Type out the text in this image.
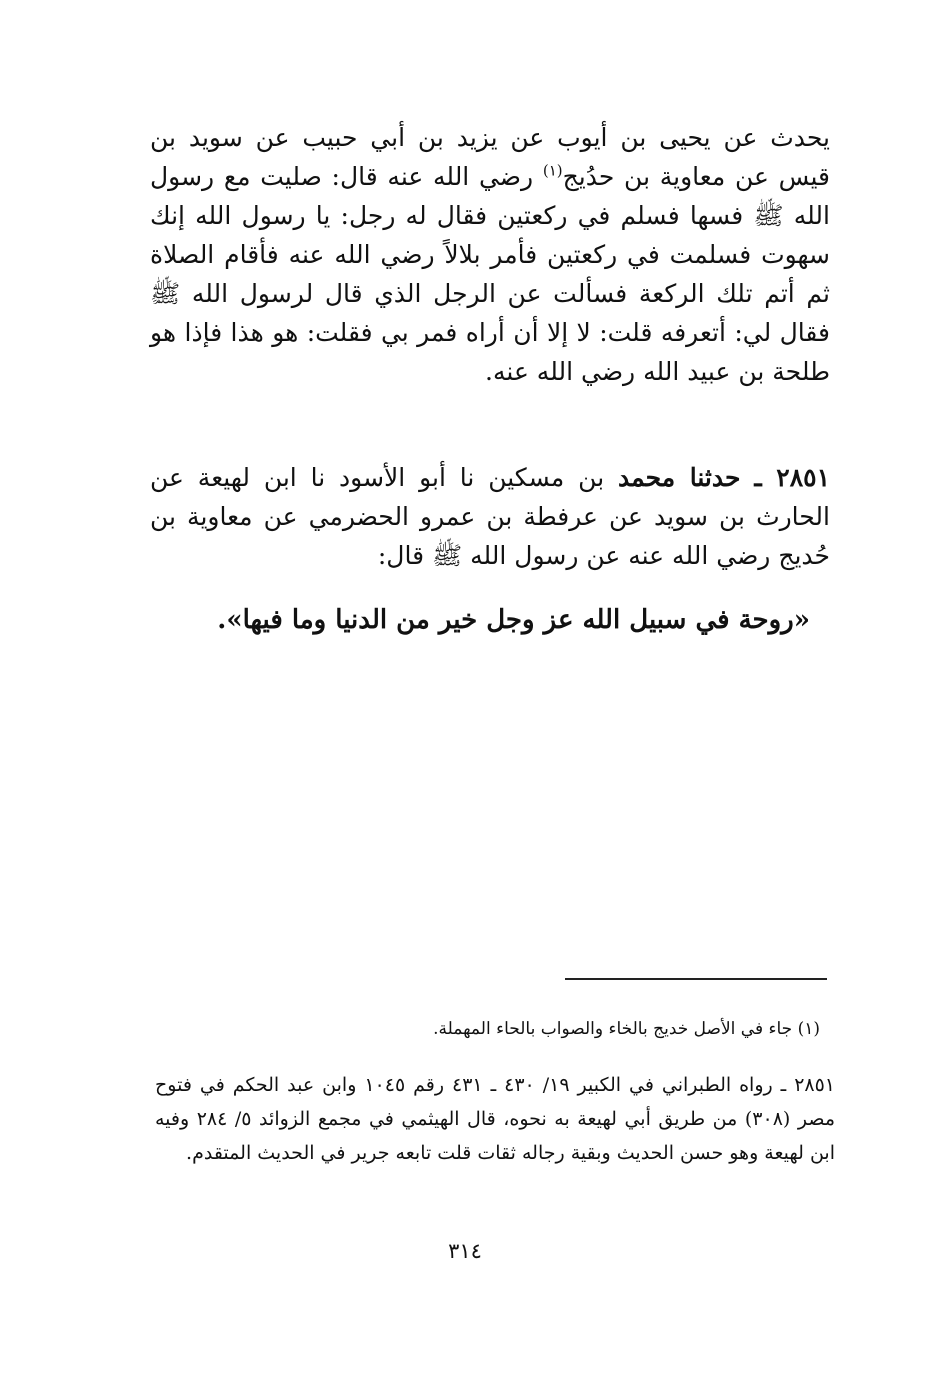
يحدث عن يحيى بن أيوب عن يزيد بن أبي حبيب عن سويد بن قيس عن معاوية بن حدُيج$^{(١)}$ رضي الله عنه قال: صليت مع رسول الله ﷺ فسها فسلم في ركعتين فقال له رجل: يا رسول الله إنك سهوت فسلمت في ركعتين فأمر بلالاً رضي الله عنه فأقام الصلاة ثم أتم تلك الركعة فسألت عن الرجل الذي قال لرسول الله ﷺ فقال لي: أتعرفه قلت: لا إلا أن أراه فمر بي فقلت: هو هذا فإذا هو طلحة بن عبيد الله رضي الله عنه.

٢٨٥١ ـ حدثنا محمد بن مسكين نا أبو الأسود نا ابن لهيعة عن الحارث بن سويد عن عرفطة بن عمرو الحضرمي عن معاوية بن حُديج رضي الله عنه عن رسول الله ﷺ قال:

«روحة في سبيل الله عز وجل خير من الدنيا وما فيها».

(١) جاء في الأصل خديج بالخاء والصواب بالحاء المهملة.

٢٨٥١ ـ رواه الطبراني في الكبير ١٩/ ٤٣٠ ـ ٤٣١ رقم ١٠٤٥ وابن عبد الحكم في فتوح مصر (٣٠٨) من طريق أبي لهيعة به نحوه، قال الهيثمي في مجمع الزوائد ٥/ ٢٨٤ وفيه ابن لهيعة وهو حسن الحديث وبقية رجاله ثقات قلت تابعه جرير في الحديث المتقدم.

٣١٤
